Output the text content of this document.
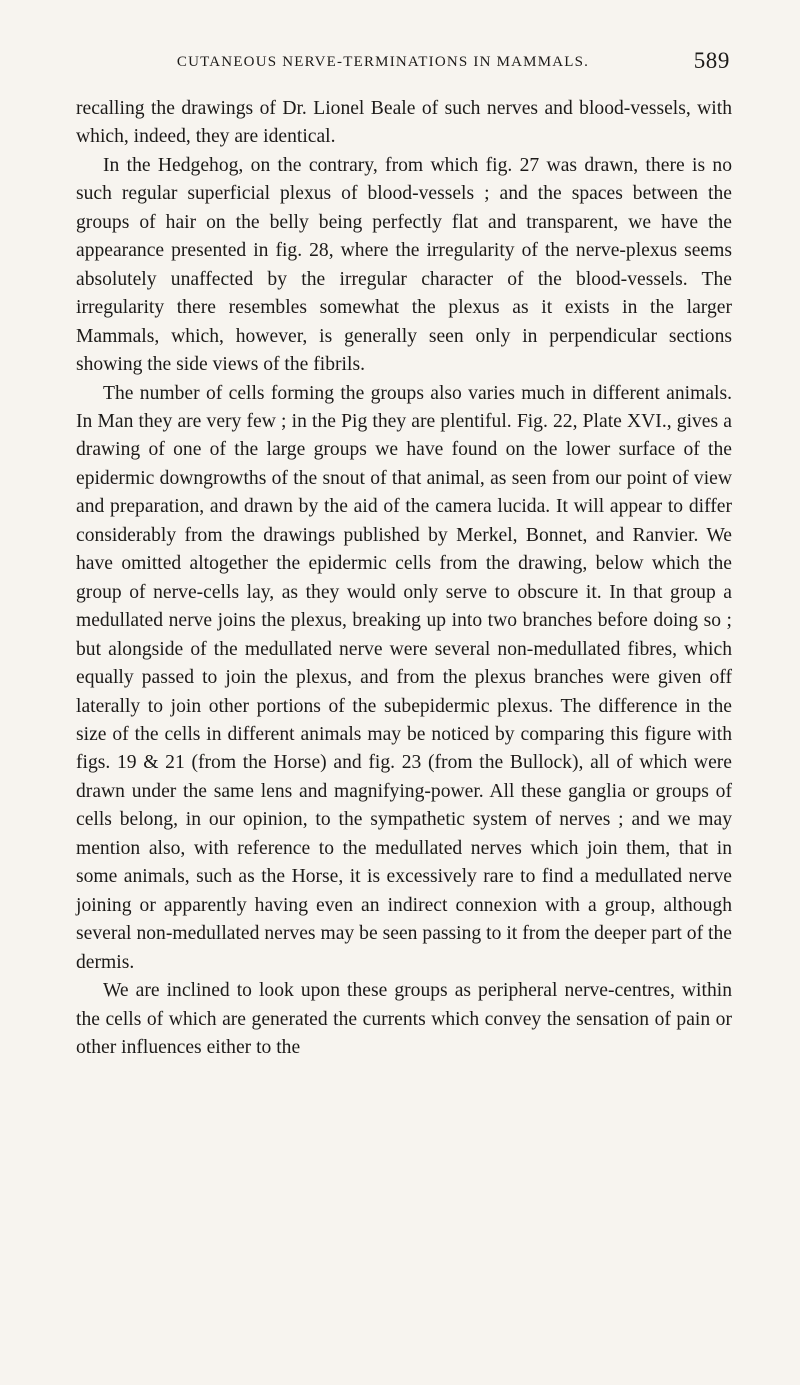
CUTANEOUS NERVE-TERMINATIONS IN MAMMALS.	589

recalling the drawings of Dr. Lionel Beale of such nerves and blood-vessels, with which, indeed, they are identical.

In the Hedgehog, on the contrary, from which fig. 27 was drawn, there is no such regular superficial plexus of blood-vessels ; and the spaces between the groups of hair on the belly being perfectly flat and transparent, we have the appearance presented in fig. 28, where the irregularity of the nerve-plexus seems absolutely unaffected by the irregular character of the blood-vessels. The irregularity there resembles somewhat the plexus as it exists in the larger Mammals, which, however, is generally seen only in perpendicular sections showing the side views of the fibrils.

The number of cells forming the groups also varies much in different animals. In Man they are very few ; in the Pig they are plentiful. Fig. 22, Plate XVI., gives a drawing of one of the large groups we have found on the lower surface of the epidermic downgrowths of the snout of that animal, as seen from our point of view and preparation, and drawn by the aid of the camera lucida. It will appear to differ considerably from the drawings published by Merkel, Bonnet, and Ranvier. We have omitted altogether the epidermic cells from the drawing, below which the group of nerve-cells lay, as they would only serve to obscure it. In that group a medullated nerve joins the plexus, breaking up into two branches before doing so ; but alongside of the medullated nerve were several non-medullated fibres, which equally passed to join the plexus, and from the plexus branches were given off laterally to join other portions of the subepidermic plexus. The difference in the size of the cells in different animals may be noticed by comparing this figure with figs. 19 & 21 (from the Horse) and fig. 23 (from the Bullock), all of which were drawn under the same lens and magnifying-power. All these ganglia or groups of cells belong, in our opinion, to the sympathetic system of nerves ; and we may mention also, with reference to the medullated nerves which join them, that in some animals, such as the Horse, it is excessively rare to find a medullated nerve joining or apparently having even an indirect connexion with a group, although several non-medullated nerves may be seen passing to it from the deeper part of the dermis.

We are inclined to look upon these groups as peripheral nerve-centres, within the cells of which are generated the currents which convey the sensation of pain or other influences either to the
